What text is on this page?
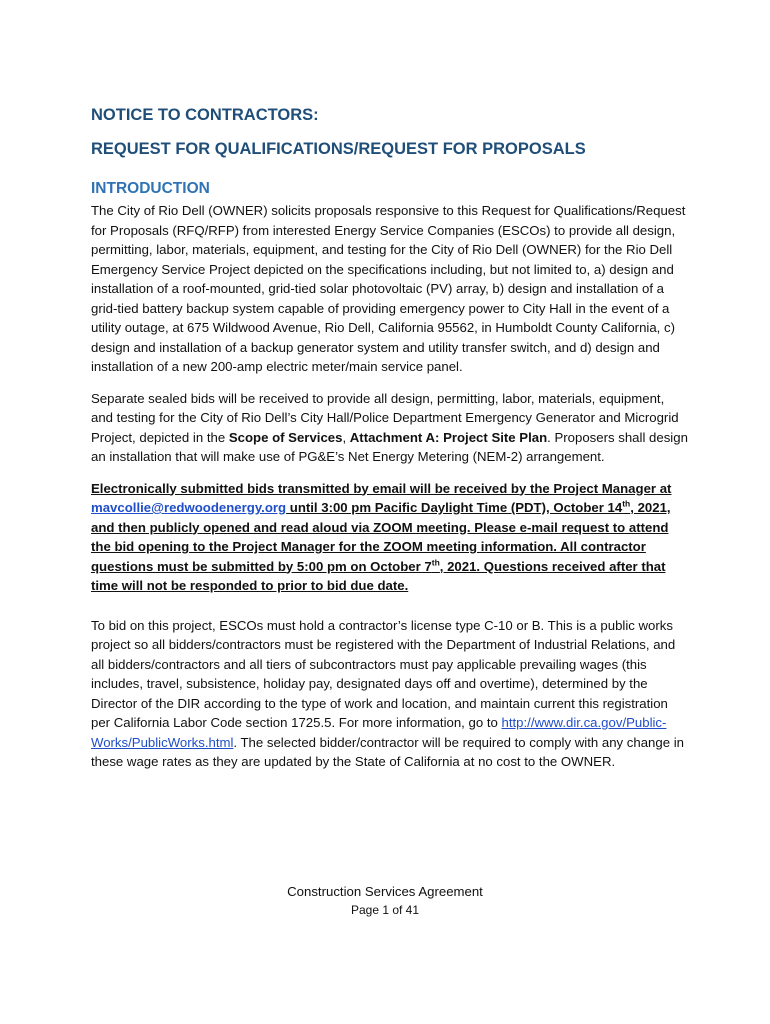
NOTICE TO CONTRACTORS:
REQUEST FOR QUALIFICATIONS/REQUEST FOR PROPOSALS
INTRODUCTION

The City of Rio Dell (OWNER) solicits proposals responsive to this Request for Qualifications/Request for Proposals (RFQ/RFP) from interested Energy Service Companies (ESCOs) to provide all design, permitting, labor, materials, equipment, and testing for the City of Rio Dell (OWNER) for the Rio Dell Emergency Service Project depicted on the specifications including, but not limited to, a) design and installation of a roof-mounted, grid-tied solar photovoltaic (PV) array, b) design and installation of a grid-tied battery backup system capable of providing emergency power to City Hall in the event of a utility outage, at 675 Wildwood Avenue, Rio Dell, California 95562, in Humboldt County California, c) design and installation of a backup generator system and utility transfer switch, and d) design and installation of a new 200-amp electric meter/main service panel.

Separate sealed bids will be received to provide all design, permitting, labor, materials, equipment, and testing for the City of Rio Dell’s City Hall/Police Department Emergency Generator and Microgrid Project, depicted in the Scope of Services, Attachment A: Project Site Plan. Proposers shall design an installation that will make use of PG&E’s Net Energy Metering (NEM-2) arrangement.

Electronically submitted bids transmitted by email will be received by the Project Manager at mavcollie@redwoodenergy.org until 3:00 pm Pacific Daylight Time (PDT), October 14th, 2021, and then publicly opened and read aloud via ZOOM meeting. Please e-mail request to attend the bid opening to the Project Manager for the ZOOM meeting information. All contractor questions must be submitted by 5:00 pm on October 7th, 2021. Questions received after that time will not be responded to prior to bid due date.

To bid on this project, ESCOs must hold a contractor’s license type C-10 or B. This is a public works project so all bidders/contractors must be registered with the Department of Industrial Relations, and all bidders/contractors and all tiers of subcontractors must pay applicable prevailing wages (this includes, travel, subsistence, holiday pay, designated days off and overtime), determined by the Director of the DIR according to the type of work and location, and maintain current this registration per California Labor Code section 1725.5. For more information, go to http://www.dir.ca.gov/Public-Works/PublicWorks.html. The selected bidder/contractor will be required to comply with any change in these wage rates as they are updated by the State of California at no cost to the OWNER.

Construction Services Agreement
Page 1 of 41
